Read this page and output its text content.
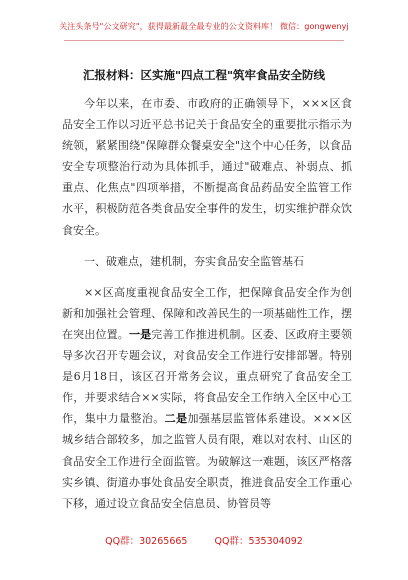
关注头条号"公文研究"，获得最新最全最专业的公文资料库！ 微信：gongwenyj
汇报材料：区实施"四点工程"筑牢食品安全防线

今年以来，在市委、市政府的正确领导下，×××区食品安全工作以习近平总书记关于食品安全的重要批示指示为统领，紧紧围绕"保障群众餐桌安全"这个中心任务，以食品安全专项整治行动为具体抓手，通过"破难点、补弱点、抓重点、化焦点"四项举措，不断提高食品药品安全监管工作水平，积极防范各类食品安全事件的发生，切实维护群众饮食安全。

一、破难点，建机制，夯实食品安全监管基石

××区高度重视食品安全工作，把保障食品安全作为创新和加强社会管理、保障和改善民生的一项基础性工作，摆在突出位置。一是完善工作推进机制。区委、区政府主要领导多次召开专题会议，对食品安全工作进行安排部署。特别是6月18日，该区召开常务会议，重点研究了食品安全工作，并要求结合××实际，将食品安全工作纳入全区中心工作，集中力量整治。二是加强基层监管体系建设。×××区城乡结合部较多，加之监管人员有限，难以对农村、山区的食品安全工作进行全面监管。为破解这一难题，该区严格落实乡镇、街道办事处食品安全职责，推进食品安全工作重心下移，通过设立食品安全信息员、协管员等

QQ群：30265665	QQ群：535304092
